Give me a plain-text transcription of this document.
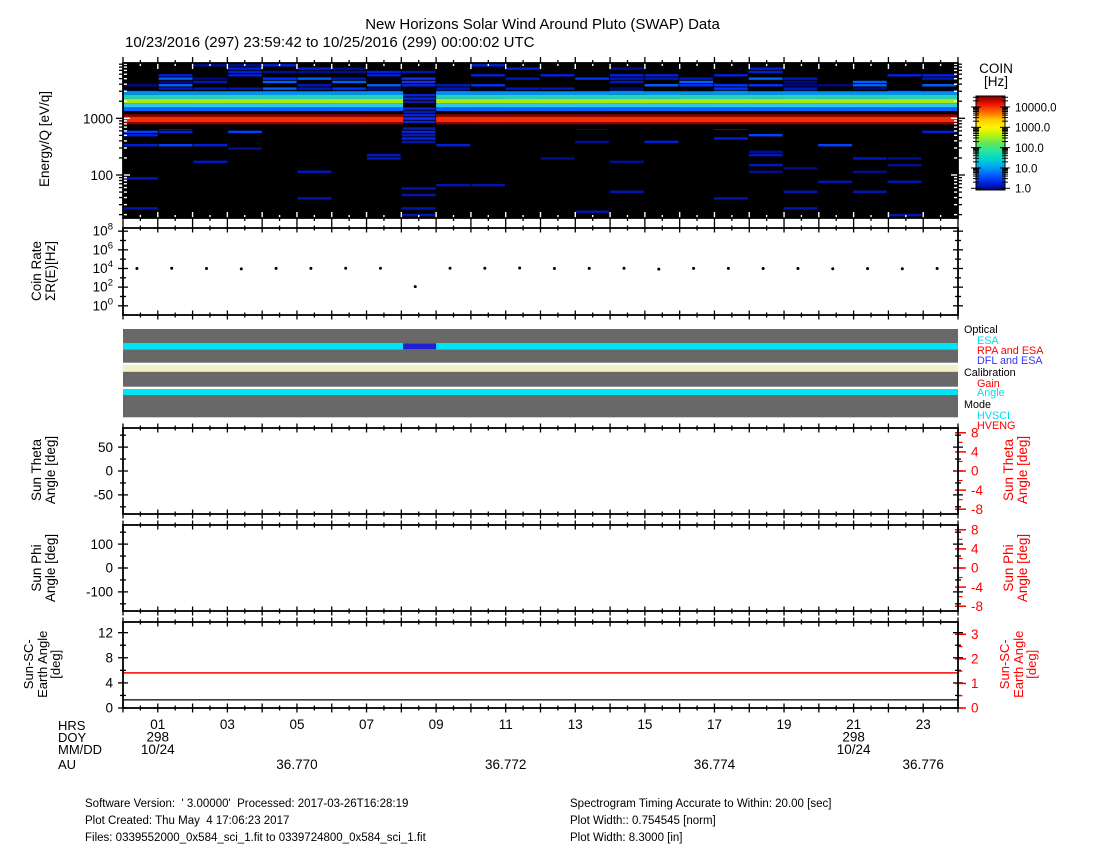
1000
100
10000.0
1000.0
100.0
10.0
1.0
$10^8$
$10^6$
$10^4$
$10^2$
$10^0$
50
0
-50
8
4
0
-4
-8
100
0
-100
8
4
0
-4
-8
12
8
4
0
3
2
1
0
01	03	05	07	09	11	13	15	17	19	21	23
298	298
10/24	10/24
36.770	36.772	36.774	36.776
New Horizons Solar Wind Around Pluto (SWAP) Data
10/23/2016 (297) 23:59:42 to 10/25/2016 (299) 00:00:02 UTC
COIN
[Hz]
Energy/Q [eV/q]
Coin Rate ΣR(E)[Hz]
Sun Theta Angle [deg]
Sun Phi Angle [deg]
Sun-SC-
Earth Angle
[deg]
Sun Theta Angle [deg]
Sun Phi Angle [deg]
Sun-SC-
Earth Angle
[deg]
HRS
DOY
MM/DD
AU
Optical
ESA
RPA and ESA
DFL and ESA
Calibration
Gain
Angle
Mode
HVSCI
HVENG
Software Version:  ' 3.00000'  Processed: 2017-03-26T16:28:19
Plot Created: Thu May  4 17:06:23 2017
Files: 0339552000_0x584_sci_1.fit to 0339724800_0x584_sci_1.fit
Spectrogram Timing Accurate to Within: 20.00 [sec]
Plot Width:: 0.754545 [norm]
Plot Width: 8.3000 [in]
